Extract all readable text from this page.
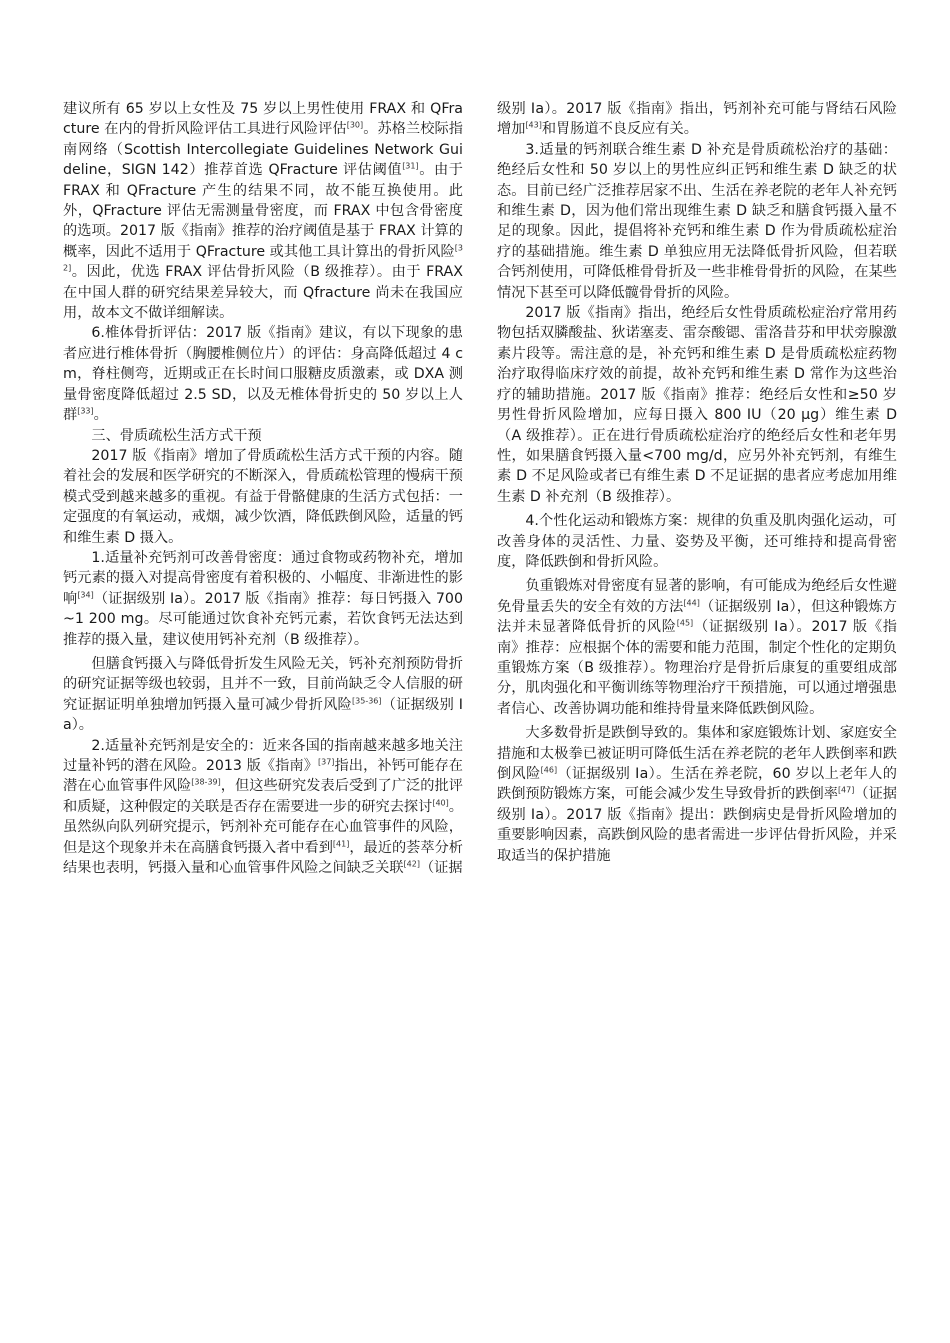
建议所有 65 岁以上女性及 75 岁以上男性使用 FRAX 和 QFracture 在内的骨折风险评估工具进行风险评估[30]。苏格兰校际指南网络（Scottish Intercollegiate Guidelines Network Guideline，SIGN 142）推荐首选 QFracture 评估阈值[31]。由于 FRAX 和 QFracture 产生的结果不同，故不能互换使用。此外，QFracture 评估无需测量骨密度，而 FRAX 中包含骨密度的选项。2017 版《指南》推荐的治疗阈值是基于 FRAX 计算的概率，因此不适用于 QFracture 或其他工具计算出的骨折风险[32]。因此，优选 FRAX 评估骨折风险（B 级推荐）。由于 FRAX 在中国人群的研究结果差异较大，而 Qfracture 尚未在我国应用，故本文不做详细解读。

6.椎体骨折评估：2017 版《指南》建议，有以下现象的患者应进行椎体骨折（胸腰椎侧位片）的评估：身高降低超过 4 cm，脊柱侧弯，近期或正在长时间口服糖皮质激素，或 DXA 测量骨密度降低超过 2.5 SD，以及无椎体骨折史的 50 岁以上人群[33]。

三、骨质疏松生活方式干预

2017 版《指南》增加了骨质疏松生活方式干预的内容。随着社会的发展和医学研究的不断深入，骨质疏松管理的慢病干预模式受到越来越多的重视。有益于骨骼健康的生活方式包括：一定强度的有氧运动，戒烟，减少饮酒，降低跌倒风险，适量的钙和维生素 D 摄入。

1.适量补充钙剂可改善骨密度：通过食物或药物补充，增加钙元素的摄入对提高骨密度有着积极的、小幅度、非渐进性的影响[34]（证据级别 Ⅰa）。2017 版《指南》推荐：每日钙摄入 700~1 200 mg。尽可能通过饮食补充钙元素，若饮食钙无法达到推荐的摄入量，建议使用钙补充剂（B 级推荐）。

但膳食钙摄入与降低骨折发生风险无关，钙补充剂预防骨折的研究证据等级也较弱，且并不一致，目前尚缺乏令人信服的研究证据证明单独增加钙摄入量可减少骨折风险[35-36]（证据级别 Ⅰa）。

2.适量补充钙剂是安全的：近来各国的指南越来越多地关注过量补钙的潜在风险。2013 版《指南》[37]指出，补钙可能存在潜在心血管事件风险[38-39]，但这些研究发表后受到了广泛的批评和质疑，这种假定的关联是否存在需要进一步的研究去探讨[40]。虽然纵向队列研究提示，钙剂补充可能存在心血管事件的风险，但是这个现象并未在高膳食钙摄入者中看到[41]，最近的荟萃分析结果也表明，钙摄入量和心血管事件风险之间缺乏关联[42]（证据

级别 Ⅰa）。2017 版《指南》指出，钙剂补充可能与肾结石风险增加[43]和胃肠道不良反应有关。

3.适量的钙剂联合维生素 D 补充是骨质疏松治疗的基础：绝经后女性和 50 岁以上的男性应纠正钙和维生素 D 缺乏的状态。目前已经广泛推荐居家不出、生活在养老院的老年人补充钙和维生素 D，因为他们常出现维生素 D 缺乏和膳食钙摄入量不足的现象。因此，提倡将补充钙和维生素 D 作为骨质疏松症治疗的基础措施。维生素 D 单独应用无法降低骨折风险，但若联合钙剂使用，可降低椎骨骨折及一些非椎骨骨折的风险，在某些情况下甚至可以降低髋骨骨折的风险。

2017 版《指南》指出，绝经后女性骨质疏松症治疗常用药物包括双膦酸盐、狄诺塞麦、雷奈酸锶、雷洛昔芬和甲状旁腺激素片段等。需注意的是，补充钙和维生素 D 是骨质疏松症药物治疗取得临床疗效的前提，故补充钙和维生素 D 常作为这些治疗的辅助措施。2017 版《指南》推荐：绝经后女性和≥50 岁男性骨折风险增加，应每日摄入 800 IU（20 μg）维生素 D（A 级推荐）。正在进行骨质疏松症治疗的绝经后女性和老年男性，如果膳食钙摄入量<700 mg/d，应另外补充钙剂，有维生素 D 不足风险或者已有维生素 D 不足证据的患者应考虑加用维生素 D 补充剂（B 级推荐）。

4.个性化运动和锻炼方案：规律的负重及肌肉强化运动，可改善身体的灵活性、力量、姿势及平衡，还可维持和提高骨密度，降低跌倒和骨折风险。

负重锻炼对骨密度有显著的影响，有可能成为绝经后女性避免骨量丢失的安全有效的方法[44]（证据级别 Ⅰa），但这种锻炼方法并未显著降低骨折的风险[45]（证据级别 Ⅰa）。2017 版《指南》推荐：应根据个体的需要和能力范围，制定个性化的定期负重锻炼方案（B 级推荐）。物理治疗是骨折后康复的重要组成部分，肌肉强化和平衡训练等物理治疗干预措施，可以通过增强患者信心、改善协调功能和维持骨量来降低跌倒风险。

大多数骨折是跌倒导致的。集体和家庭锻炼计划、家庭安全措施和太极拳已被证明可降低生活在养老院的老年人跌倒率和跌倒风险[46]（证据级别 Ⅰa）。生活在养老院，60 岁以上老年人的跌倒预防锻炼方案，可能会减少发生导致骨折的跌倒率[47]（证据级别 Ⅰa）。2017 版《指南》提出：跌倒病史是骨折风险增加的重要影响因素，高跌倒风险的患者需进一步评估骨折风险，并采取适当的保护措施
